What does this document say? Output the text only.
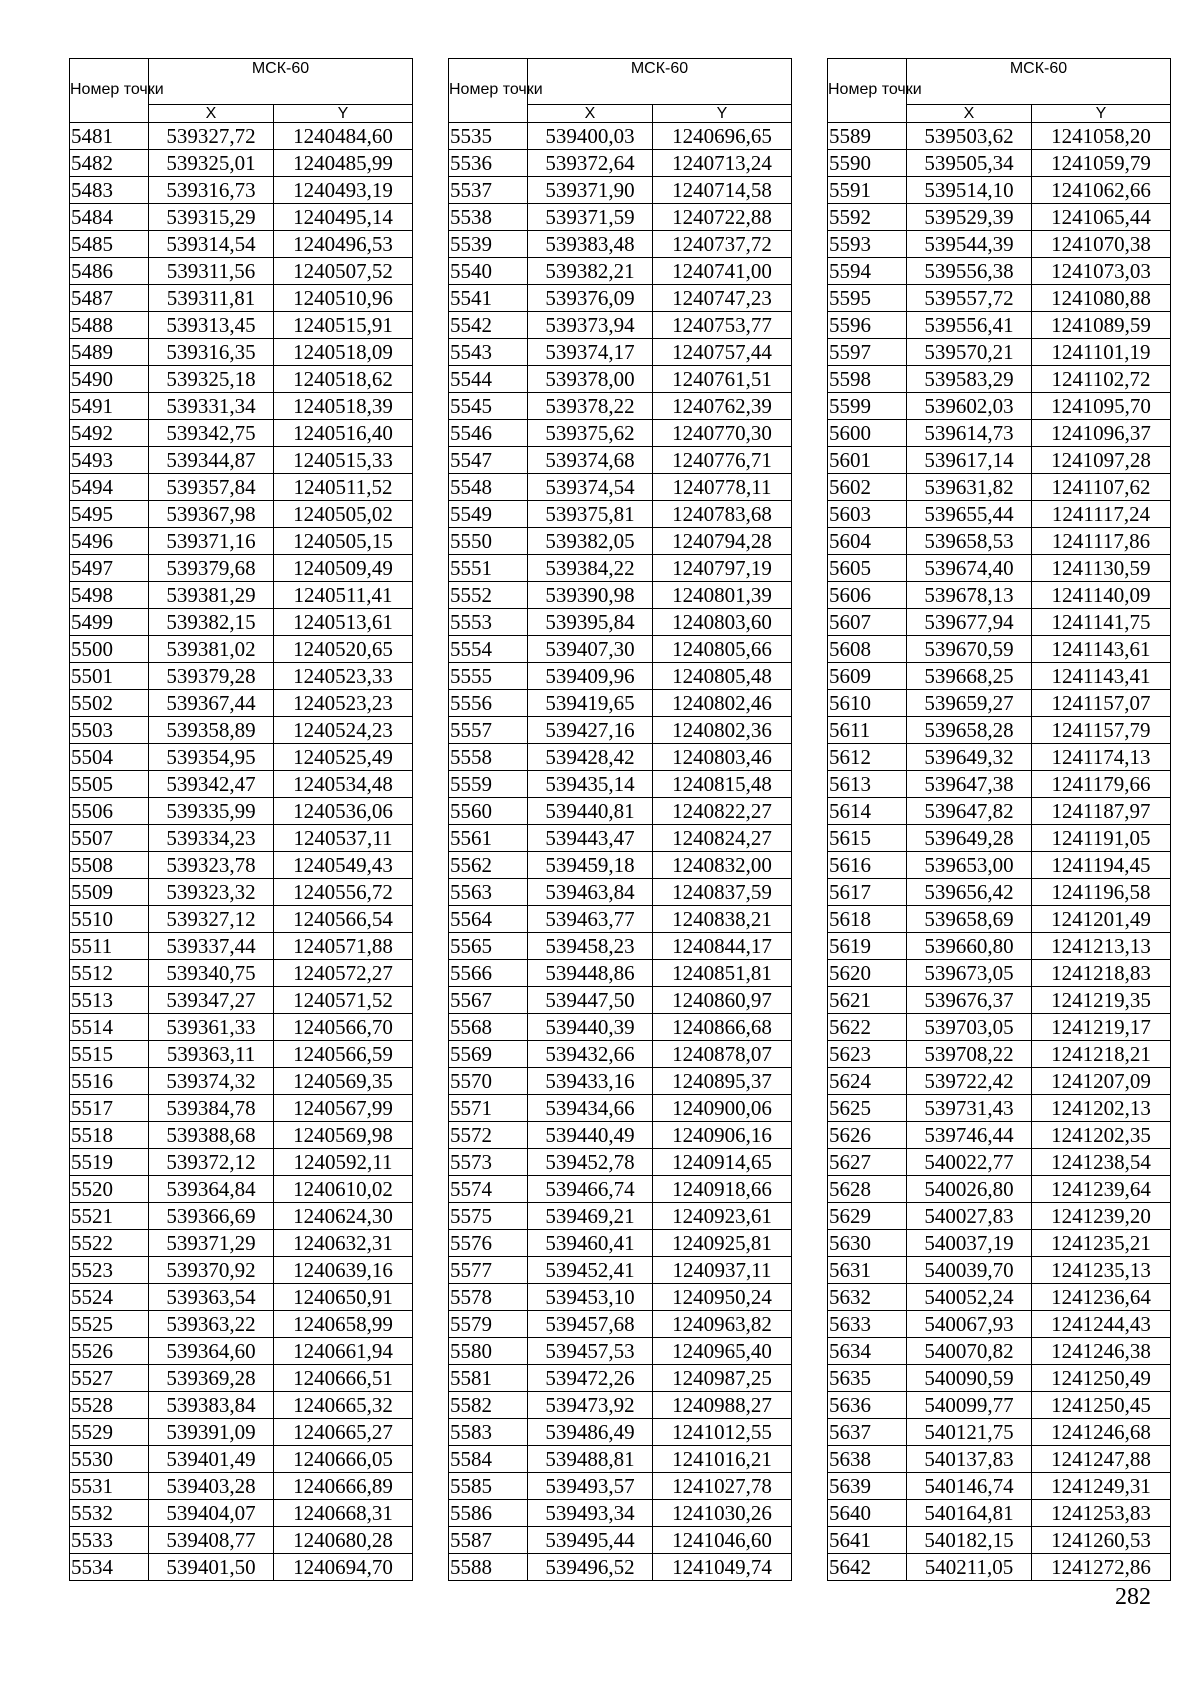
Номер точки	МСК-60	
	X	Y
5481	539327,72	1240484,60
5482	539325,01	1240485,99
5483	539316,73	1240493,19
5484	539315,29	1240495,14
5485	539314,54	1240496,53
5486	539311,56	1240507,52
5487	539311,81	1240510,96
5488	539313,45	1240515,91
5489	539316,35	1240518,09
5490	539325,18	1240518,62
5491	539331,34	1240518,39
5492	539342,75	1240516,40
5493	539344,87	1240515,33
5494	539357,84	1240511,52
5495	539367,98	1240505,02
5496	539371,16	1240505,15
5497	539379,68	1240509,49
5498	539381,29	1240511,41
5499	539382,15	1240513,61
5500	539381,02	1240520,65
5501	539379,28	1240523,33
5502	539367,44	1240523,23
5503	539358,89	1240524,23
5504	539354,95	1240525,49
5505	539342,47	1240534,48
5506	539335,99	1240536,06
5507	539334,23	1240537,11
5508	539323,78	1240549,43
5509	539323,32	1240556,72
5510	539327,12	1240566,54
5511	539337,44	1240571,88
5512	539340,75	1240572,27
5513	539347,27	1240571,52
5514	539361,33	1240566,70
5515	539363,11	1240566,59
5516	539374,32	1240569,35
5517	539384,78	1240567,99
5518	539388,68	1240569,98
5519	539372,12	1240592,11
5520	539364,84	1240610,02
5521	539366,69	1240624,30
5522	539371,29	1240632,31
5523	539370,92	1240639,16
5524	539363,54	1240650,91
5525	539363,22	1240658,99
5526	539364,60	1240661,94
5527	539369,28	1240666,51
5528	539383,84	1240665,32
5529	539391,09	1240665,27
5530	539401,49	1240666,05
5531	539403,28	1240666,89
5532	539404,07	1240668,31
5533	539408,77	1240680,28
5534	539401,50	1240694,70
Номер точки	МСК-60	
	X	Y
5535	539400,03	1240696,65
5536	539372,64	1240713,24
5537	539371,90	1240714,58
5538	539371,59	1240722,88
5539	539383,48	1240737,72
5540	539382,21	1240741,00
5541	539376,09	1240747,23
5542	539373,94	1240753,77
5543	539374,17	1240757,44
5544	539378,00	1240761,51
5545	539378,22	1240762,39
5546	539375,62	1240770,30
5547	539374,68	1240776,71
5548	539374,54	1240778,11
5549	539375,81	1240783,68
5550	539382,05	1240794,28
5551	539384,22	1240797,19
5552	539390,98	1240801,39
5553	539395,84	1240803,60
5554	539407,30	1240805,66
5555	539409,96	1240805,48
5556	539419,65	1240802,46
5557	539427,16	1240802,36
5558	539428,42	1240803,46
5559	539435,14	1240815,48
5560	539440,81	1240822,27
5561	539443,47	1240824,27
5562	539459,18	1240832,00
5563	539463,84	1240837,59
5564	539463,77	1240838,21
5565	539458,23	1240844,17
5566	539448,86	1240851,81
5567	539447,50	1240860,97
5568	539440,39	1240866,68
5569	539432,66	1240878,07
5570	539433,16	1240895,37
5571	539434,66	1240900,06
5572	539440,49	1240906,16
5573	539452,78	1240914,65
5574	539466,74	1240918,66
5575	539469,21	1240923,61
5576	539460,41	1240925,81
5577	539452,41	1240937,11
5578	539453,10	1240950,24
5579	539457,68	1240963,82
5580	539457,53	1240965,40
5581	539472,26	1240987,25
5582	539473,92	1240988,27
5583	539486,49	1241012,55
5584	539488,81	1241016,21
5585	539493,57	1241027,78
5586	539493,34	1241030,26
5587	539495,44	1241046,60
5588	539496,52	1241049,74
Номер точки	МСК-60	
	X	Y
5589	539503,62	1241058,20
5590	539505,34	1241059,79
5591	539514,10	1241062,66
5592	539529,39	1241065,44
5593	539544,39	1241070,38
5594	539556,38	1241073,03
5595	539557,72	1241080,88
5596	539556,41	1241089,59
5597	539570,21	1241101,19
5598	539583,29	1241102,72
5599	539602,03	1241095,70
5600	539614,73	1241096,37
5601	539617,14	1241097,28
5602	539631,82	1241107,62
5603	539655,44	1241117,24
5604	539658,53	1241117,86
5605	539674,40	1241130,59
5606	539678,13	1241140,09
5607	539677,94	1241141,75
5608	539670,59	1241143,61
5609	539668,25	1241143,41
5610	539659,27	1241157,07
5611	539658,28	1241157,79
5612	539649,32	1241174,13
5613	539647,38	1241179,66
5614	539647,82	1241187,97
5615	539649,28	1241191,05
5616	539653,00	1241194,45
5617	539656,42	1241196,58
5618	539658,69	1241201,49
5619	539660,80	1241213,13
5620	539673,05	1241218,83
5621	539676,37	1241219,35
5622	539703,05	1241219,17
5623	539708,22	1241218,21
5624	539722,42	1241207,09
5625	539731,43	1241202,13
5626	539746,44	1241202,35
5627	540022,77	1241238,54
5628	540026,80	1241239,64
5629	540027,83	1241239,20
5630	540037,19	1241235,21
5631	540039,70	1241235,13
5632	540052,24	1241236,64
5633	540067,93	1241244,43
5634	540070,82	1241246,38
5635	540090,59	1241250,49
5636	540099,77	1241250,45
5637	540121,75	1241246,68
5638	540137,83	1241247,88
5639	540146,74	1241249,31
5640	540164,81	1241253,83
5641	540182,15	1241260,53
5642	540211,05	1241272,86
282
